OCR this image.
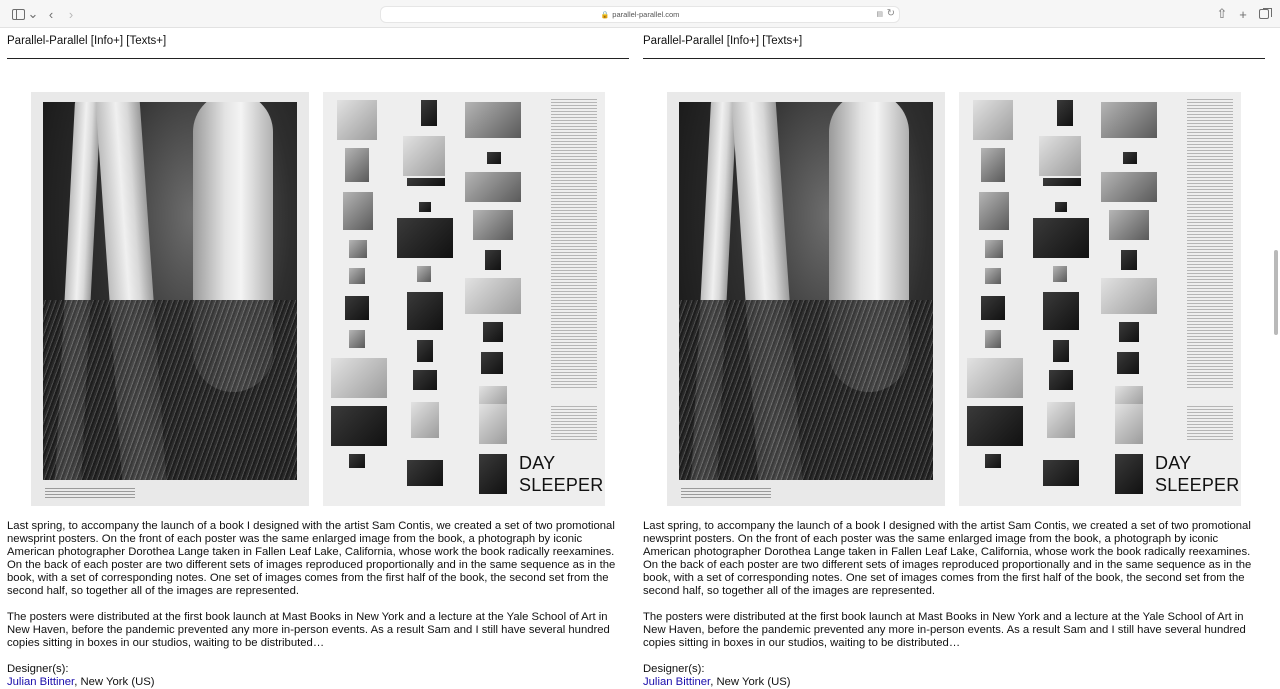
⌄ ‹	›	🔒 parallel-parallel.com	▤ ↻	⇧ +
Parallel-Parallel [Info+] [Texts+]
DAY
SLEEPER

Last spring, to accompany the launch of a book I designed with the artist Sam Contis, we created a set of two promotional newsprint posters. On the front of each poster was the same enlarged image from the book, a photograph by iconic American photographer Dorothea Lange taken in Fallen Leaf Lake, California, whose work the book radically reexamines. On the back of each poster are two different sets of images reproduced proportionally and in the same sequence as in the book, with a set of corresponding notes. One set of images comes from the first half of the book, the second set from the second half, so together all of the images are represented.

The posters were distributed at the first book launch at Mast Books in New York and a lecture at the Yale School of Art in New Haven, before the pandemic prevented any more in-person events. As a result Sam and I still have several hundred copies sitting in boxes in our studios, waiting to be distributed…

Designer(s):
Julian Bittiner, New York (US)
Parallel-Parallel [Info+] [Texts+]
DAY
SLEEPER

Last spring, to accompany the launch of a book I designed with the artist Sam Contis, we created a set of two promotional newsprint posters. On the front of each poster was the same enlarged image from the book, a photograph by iconic American photographer Dorothea Lange taken in Fallen Leaf Lake, California, whose work the book radically reexamines. On the back of each poster are two different sets of images reproduced proportionally and in the same sequence as in the book, with a set of corresponding notes. One set of images comes from the first half of the book, the second set from the second half, so together all of the images are represented.

The posters were distributed at the first book launch at Mast Books in New York and a lecture at the Yale School of Art in New Haven, before the pandemic prevented any more in-person events. As a result Sam and I still have several hundred copies sitting in boxes in our studios, waiting to be distributed…

Designer(s):
Julian Bittiner, New York (US)
